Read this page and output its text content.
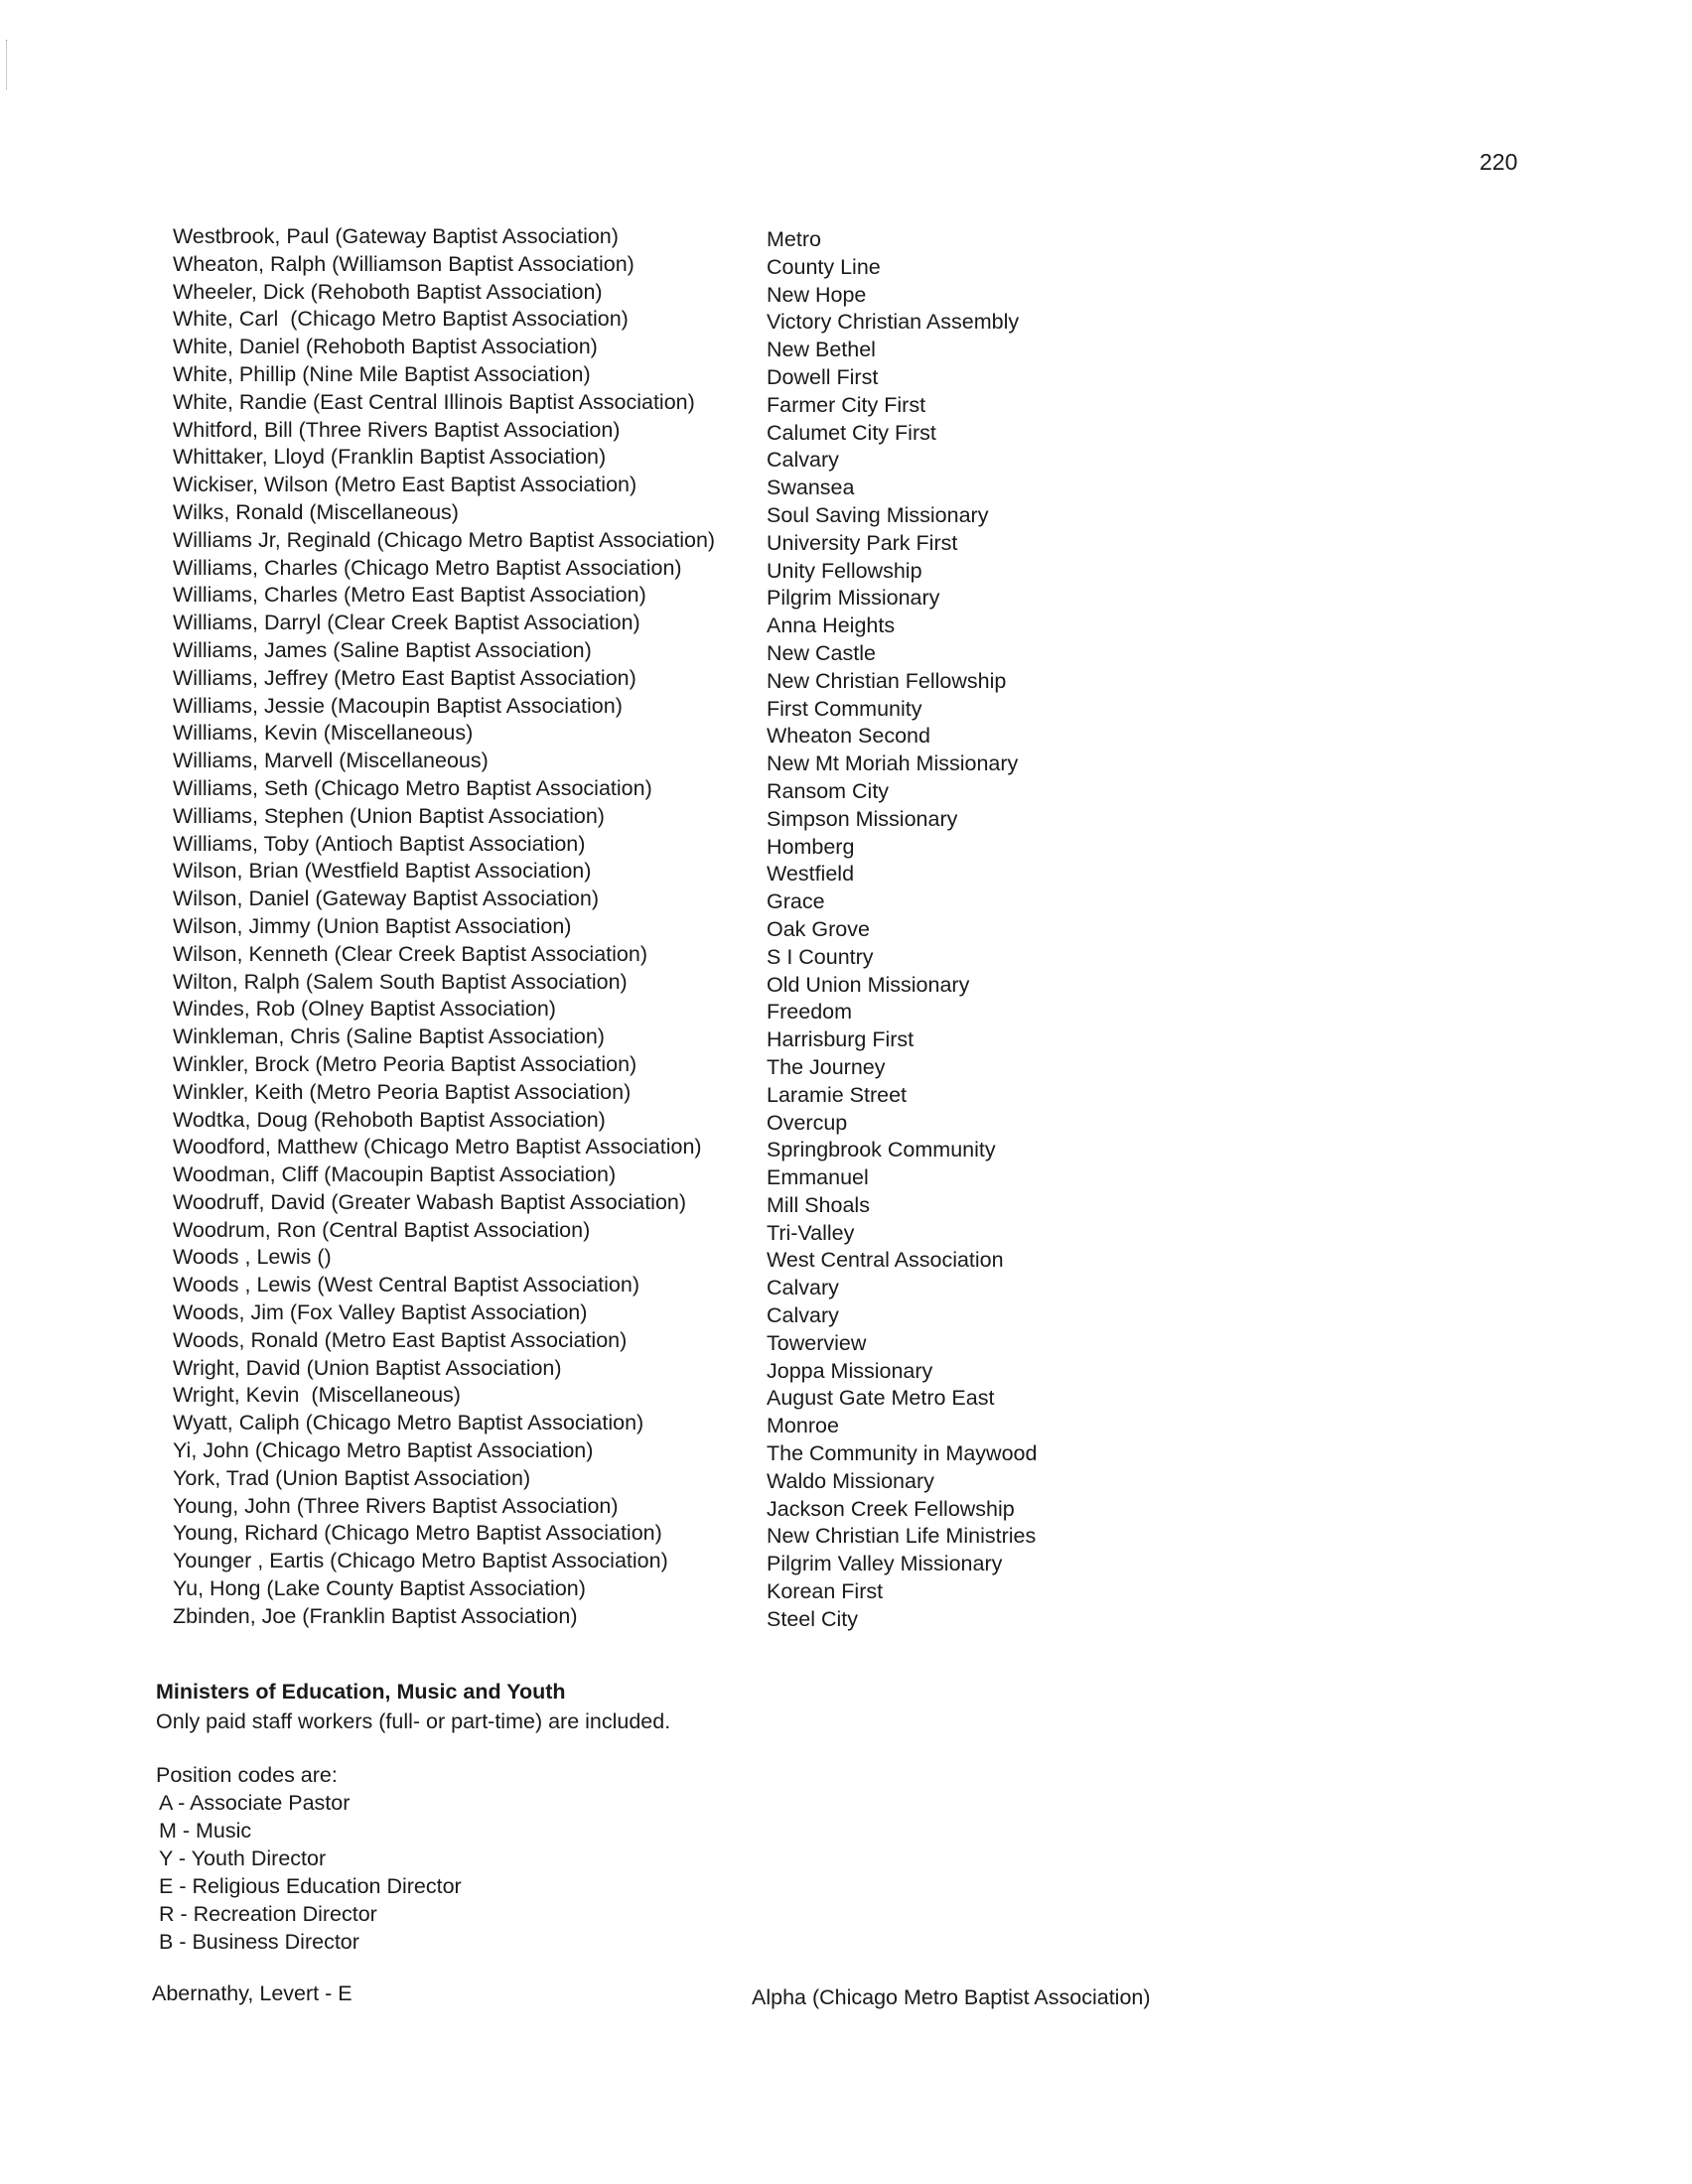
220
Westbrook, Paul (Gateway Baptist Association)
Wheaton, Ralph (Williamson Baptist Association)
Wheeler, Dick (Rehoboth Baptist Association)
White, Carl  (Chicago Metro Baptist Association)
White, Daniel (Rehoboth Baptist Association)
White, Phillip (Nine Mile Baptist Association)
White, Randie (East Central Illinois Baptist Association)
Whitford, Bill (Three Rivers Baptist Association)
Whittaker, Lloyd (Franklin Baptist Association)
Wickiser, Wilson (Metro East Baptist Association)
Wilks, Ronald (Miscellaneous)
Williams Jr, Reginald (Chicago Metro Baptist Association)
Williams, Charles (Chicago Metro Baptist Association)
Williams, Charles (Metro East Baptist Association)
Williams, Darryl (Clear Creek Baptist Association)
Williams, James (Saline Baptist Association)
Williams, Jeffrey (Metro East Baptist Association)
Williams, Jessie (Macoupin Baptist Association)
Williams, Kevin (Miscellaneous)
Williams, Marvell (Miscellaneous)
Williams, Seth (Chicago Metro Baptist Association)
Williams, Stephen (Union Baptist Association)
Williams, Toby (Antioch Baptist Association)
Wilson, Brian (Westfield Baptist Association)
Wilson, Daniel (Gateway Baptist Association)
Wilson, Jimmy (Union Baptist Association)
Wilson, Kenneth (Clear Creek Baptist Association)
Wilton, Ralph (Salem South Baptist Association)
Windes, Rob (Olney Baptist Association)
Winkleman, Chris (Saline Baptist Association)
Winkler, Brock (Metro Peoria Baptist Association)
Winkler, Keith (Metro Peoria Baptist Association)
Wodtka, Doug (Rehoboth Baptist Association)
Woodford, Matthew (Chicago Metro Baptist Association)
Woodman, Cliff (Macoupin Baptist Association)
Woodruff, David (Greater Wabash Baptist Association)
Woodrum, Ron (Central Baptist Association)
Woods , Lewis ()
Woods , Lewis (West Central Baptist Association)
Woods, Jim (Fox Valley Baptist Association)
Woods, Ronald (Metro East Baptist Association)
Wright, David (Union Baptist Association)
Wright, Kevin  (Miscellaneous)
Wyatt, Caliph (Chicago Metro Baptist Association)
Yi, John (Chicago Metro Baptist Association)
York, Trad (Union Baptist Association)
Young, John (Three Rivers Baptist Association)
Young, Richard (Chicago Metro Baptist Association)
Younger , Eartis (Chicago Metro Baptist Association)
Yu, Hong (Lake County Baptist Association)
Zbinden, Joe (Franklin Baptist Association)
Metro
County Line
New Hope
Victory Christian Assembly
New Bethel
Dowell First
Farmer City First
Calumet City First
Calvary
Swansea
Soul Saving Missionary
University Park First
Unity Fellowship
Pilgrim Missionary
Anna Heights
New Castle
New Christian Fellowship
First Community
Wheaton Second
New Mt Moriah Missionary
Ransom City
Simpson Missionary
Homberg
Westfield
Grace
Oak Grove
S I Country
Old Union Missionary
Freedom
Harrisburg First
The Journey
Laramie Street
Overcup
Springbrook Community
Emmanuel
Mill Shoals
Tri-Valley
West Central Association
Calvary
Calvary
Towerview
Joppa Missionary
August Gate Metro East
Monroe
The Community in Maywood
Waldo Missionary
Jackson Creek Fellowship
New Christian Life Ministries
Pilgrim Valley Missionary
Korean First
Steel City
Ministers of Education, Music and Youth
Only paid staff workers (full- or part-time) are included.
Position codes are:
A - Associate Pastor
M - Music
Y - Youth Director
E - Religious Education Director
R - Recreation Director
B - Business Director
Abernathy, Levert - E	Alpha (Chicago Metro Baptist Association)
